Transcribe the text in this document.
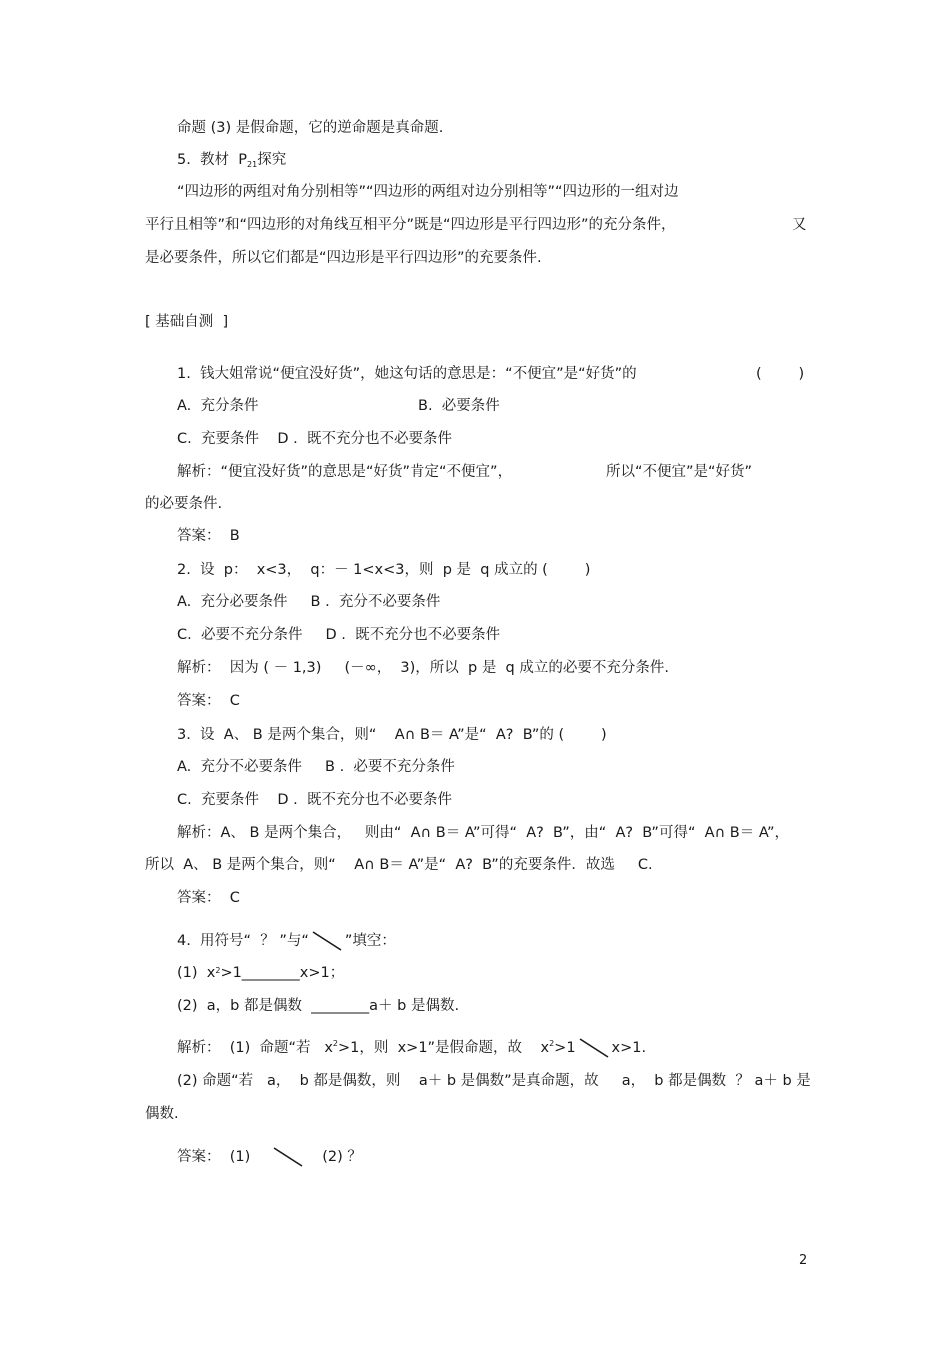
命题 (3) 是假命题，它的逆命题是真命题.
5.  教材  $P_{21}$探究
“四边形的两组对角分别相等”“四边形的两组对边分别相等”“四边形的一组对边
平行且相等”和“四边形的对角线互相平分”既是“四边形是平行四边形”的充分条件，	又
是必要条件，所以它们都是“四边形是平行四边形”的充要条件.
[ 基础自测  ]
1.  钱大姐常说“便宜没好货”，她这句话的意思是：“不便宜”是“好货”的	(        )
A.  充分条件	B.  必要条件
C.  充要条件    D .  既不充分也不必要条件
解析：“便宜没好货”的意思是“好货”肯定“不便宜”，	所以“不便宜”是“好货”
的必要条件.
答案：  B
2.  设  p：  x<3，  q：－ 1<x<3，则  p 是  q 成立的 (        )
A.  充分必要条件     B .  充分不必要条件
C.  必要不充分条件     D .  既不充分也不必要条件
解析：  因为 ( － 1,3)     (－∞，  3)，所以  p 是  q 成立的必要不充分条件.
答案：  C
3.  设  A、 B 是两个集合，则“    A∩ B＝ A”是“  A?  B”的 (        )
A.  充分不必要条件     B .  必要不充分条件
C.  充要条件    D .  既不充分也不必要条件
解析：A、 B 是两个集合，   则由“  A∩ B＝ A”可得“  A?  B”，由“  A?  B”可得“  A∩ B＝ A”，
所以  A、 B 是两个集合，则“    A∩ B＝ A”是“  A?  B”的充要条件．故选     C.
答案：  C
4.  用符号“  ？ ”与“ ”填空：
(1)  $x^2>1\_\_\_\_\_\_\_\_x>1$；
(2)  a，b 都是偶数  ________a＋ b 是偶数.
解析：  (1)  命题“若   $x^2>1$，则  x>1”是假命题，故    $x^2>1$ x>1.
(2) 命题“若   a，  b 都是偶数，则    a＋ b 是偶数”是真命题，故     a，  b 都是偶数  ？ a＋ b 是
偶数.
答案：  (1)	(2) ？
2
